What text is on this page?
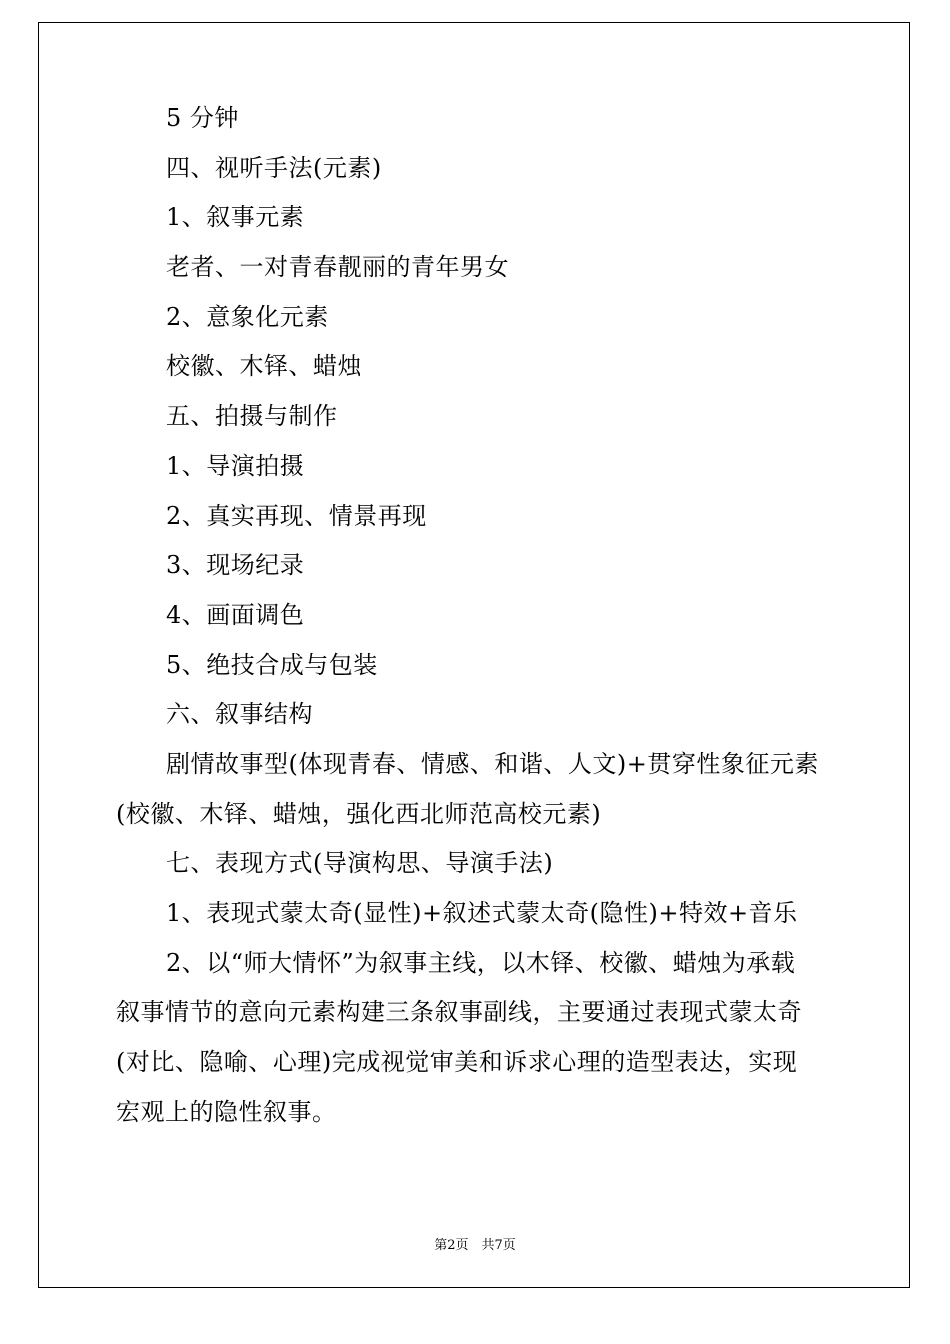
5 分钟
四、视听手法(元素)
1、叙事元素
老者、一对青春靓丽的青年男女
2、意象化元素
校徽、木铎、蜡烛
五、拍摄与制作
1、导演拍摄
2、真实再现、情景再现
3、现场纪录
4、画面调色
5、绝技合成与包装
六、叙事结构
剧情故事型(体现青春、情感、和谐、人文)+贯穿性象征元素
(校徽、木铎、蜡烛，强化西北师范高校元素)
七、表现方式(导演构思、导演手法)
1、表现式蒙太奇(显性)+叙述式蒙太奇(隐性)+特效+音乐
2、以“师大情怀”为叙事主线，以木铎、校徽、蜡烛为承载
叙事情节的意向元素构建三条叙事副线，主要通过表现式蒙太奇
(对比、隐喻、心理)完成视觉审美和诉求心理的造型表达，实现
宏观上的隐性叙事。
第2页　共7页
